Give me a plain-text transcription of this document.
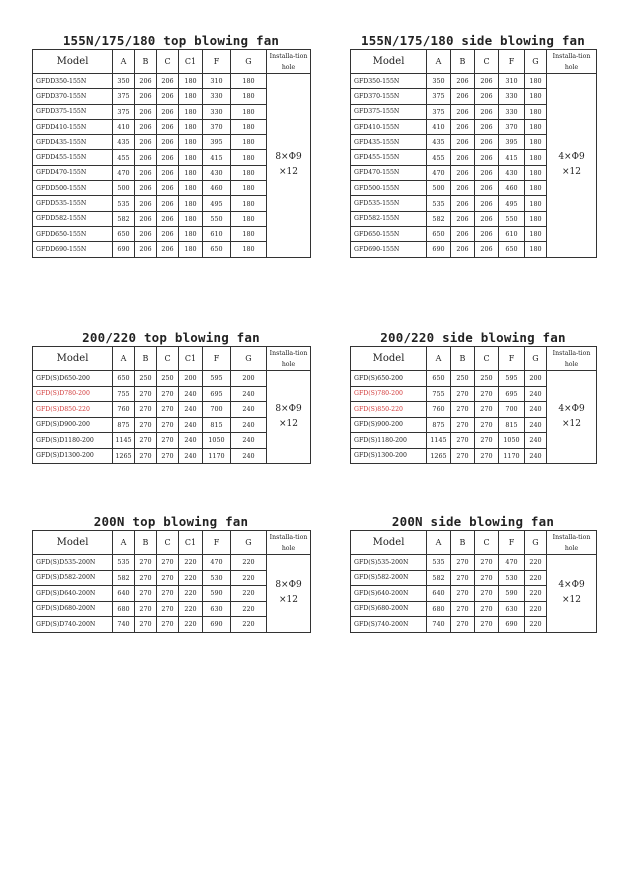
155N/175/180 top blowing fan
Model	A	B	C	C1	F	G	Installa-tion hole
GFDD350-155N	350	206	206	180	310	180	8×Φ9
×12

GFDD370-155N	375	206	206	180	330	180	
GFDD375-155N	375	206	206	180	330	180	
GFDD410-155N	410	206	206	180	370	180	
GFDD435-155N	435	206	206	180	395	180	
GFDD455-155N	455	206	206	180	415	180	
GFDD470-155N	470	206	206	180	430	180	
GFDD500-155N	500	206	206	180	460	180	
GFDD535-155N	535	206	206	180	495	180	
GFDD582-155N	582	206	206	180	550	180	
GFDD650-155N	650	206	206	180	610	180	
GFDD690-155N	690	206	206	180	650	180	
155N/175/180 side blowing fan
Model	A	B	C	F	G	Installa-tion hole
GFD350-155N	350	206	206	310	180	4×Φ9
×12

GFD370-155N	375	206	206	330	180	
GFD375-155N	375	206	206	330	180	
GFD410-155N	410	206	206	370	180	
GFD435-155N	435	206	206	395	180	
GFD455-155N	455	206	206	415	180	
GFD470-155N	470	206	206	430	180	
GFD500-155N	500	206	206	460	180	
GFD535-155N	535	206	206	495	180	
GFD582-155N	582	206	206	550	180	
GFD650-155N	650	206	206	610	180	
GFD690-155N	690	206	206	650	180	
200/220 top blowing fan
Model	A	B	C	C1	F	G	Installa-tion hole
GFD(S)D650-200	650	250	250	200	595	200	8×Φ9
×12

GFD(S)D780-200	755	270	270	240	695	240	
GFD(S)D850-220	760	270	270	240	700	240	
GFD(S)D900-200	875	270	270	240	815	240	
GFD(S)D1180-200	1145	270	270	240	1050	240	
GFD(S)D1300-200	1265	270	270	240	1170	240	
200/220 side blowing fan
Model	A	B	C	F	G	Installa-tion hole
GFD(S)650-200	650	250	250	595	200	4×Φ9
×12

GFD(S)780-200	755	270	270	695	240	
GFD(S)850-220	760	270	270	700	240	
GFD(S)900-200	875	270	270	815	240	
GFD(S)1180-200	1145	270	270	1050	240	
GFD(S)1300-200	1265	270	270	1170	240	
200N top blowing fan
Model	A	B	C	C1	F	G	Installa-tion hole
GFD(S)D535-200N	535	270	270	220	470	220	8×Φ9
×12

GFD(S)D582-200N	582	270	270	220	530	220	
GFD(S)D640-200N	640	270	270	220	590	220	
GFD(S)D680-200N	680	270	270	220	630	220	
GFD(S)D740-200N	740	270	270	220	690	220	
200N side blowing fan
Model	A	B	C	F	G	Installa-tion hole
GFD(S)535-200N	535	270	270	470	220	4×Φ9
×12

GFD(S)582-200N	582	270	270	530	220	
GFD(S)640-200N	640	270	270	590	220	
GFD(S)680-200N	680	270	270	630	220	
GFD(S)740-200N	740	270	270	690	220	
